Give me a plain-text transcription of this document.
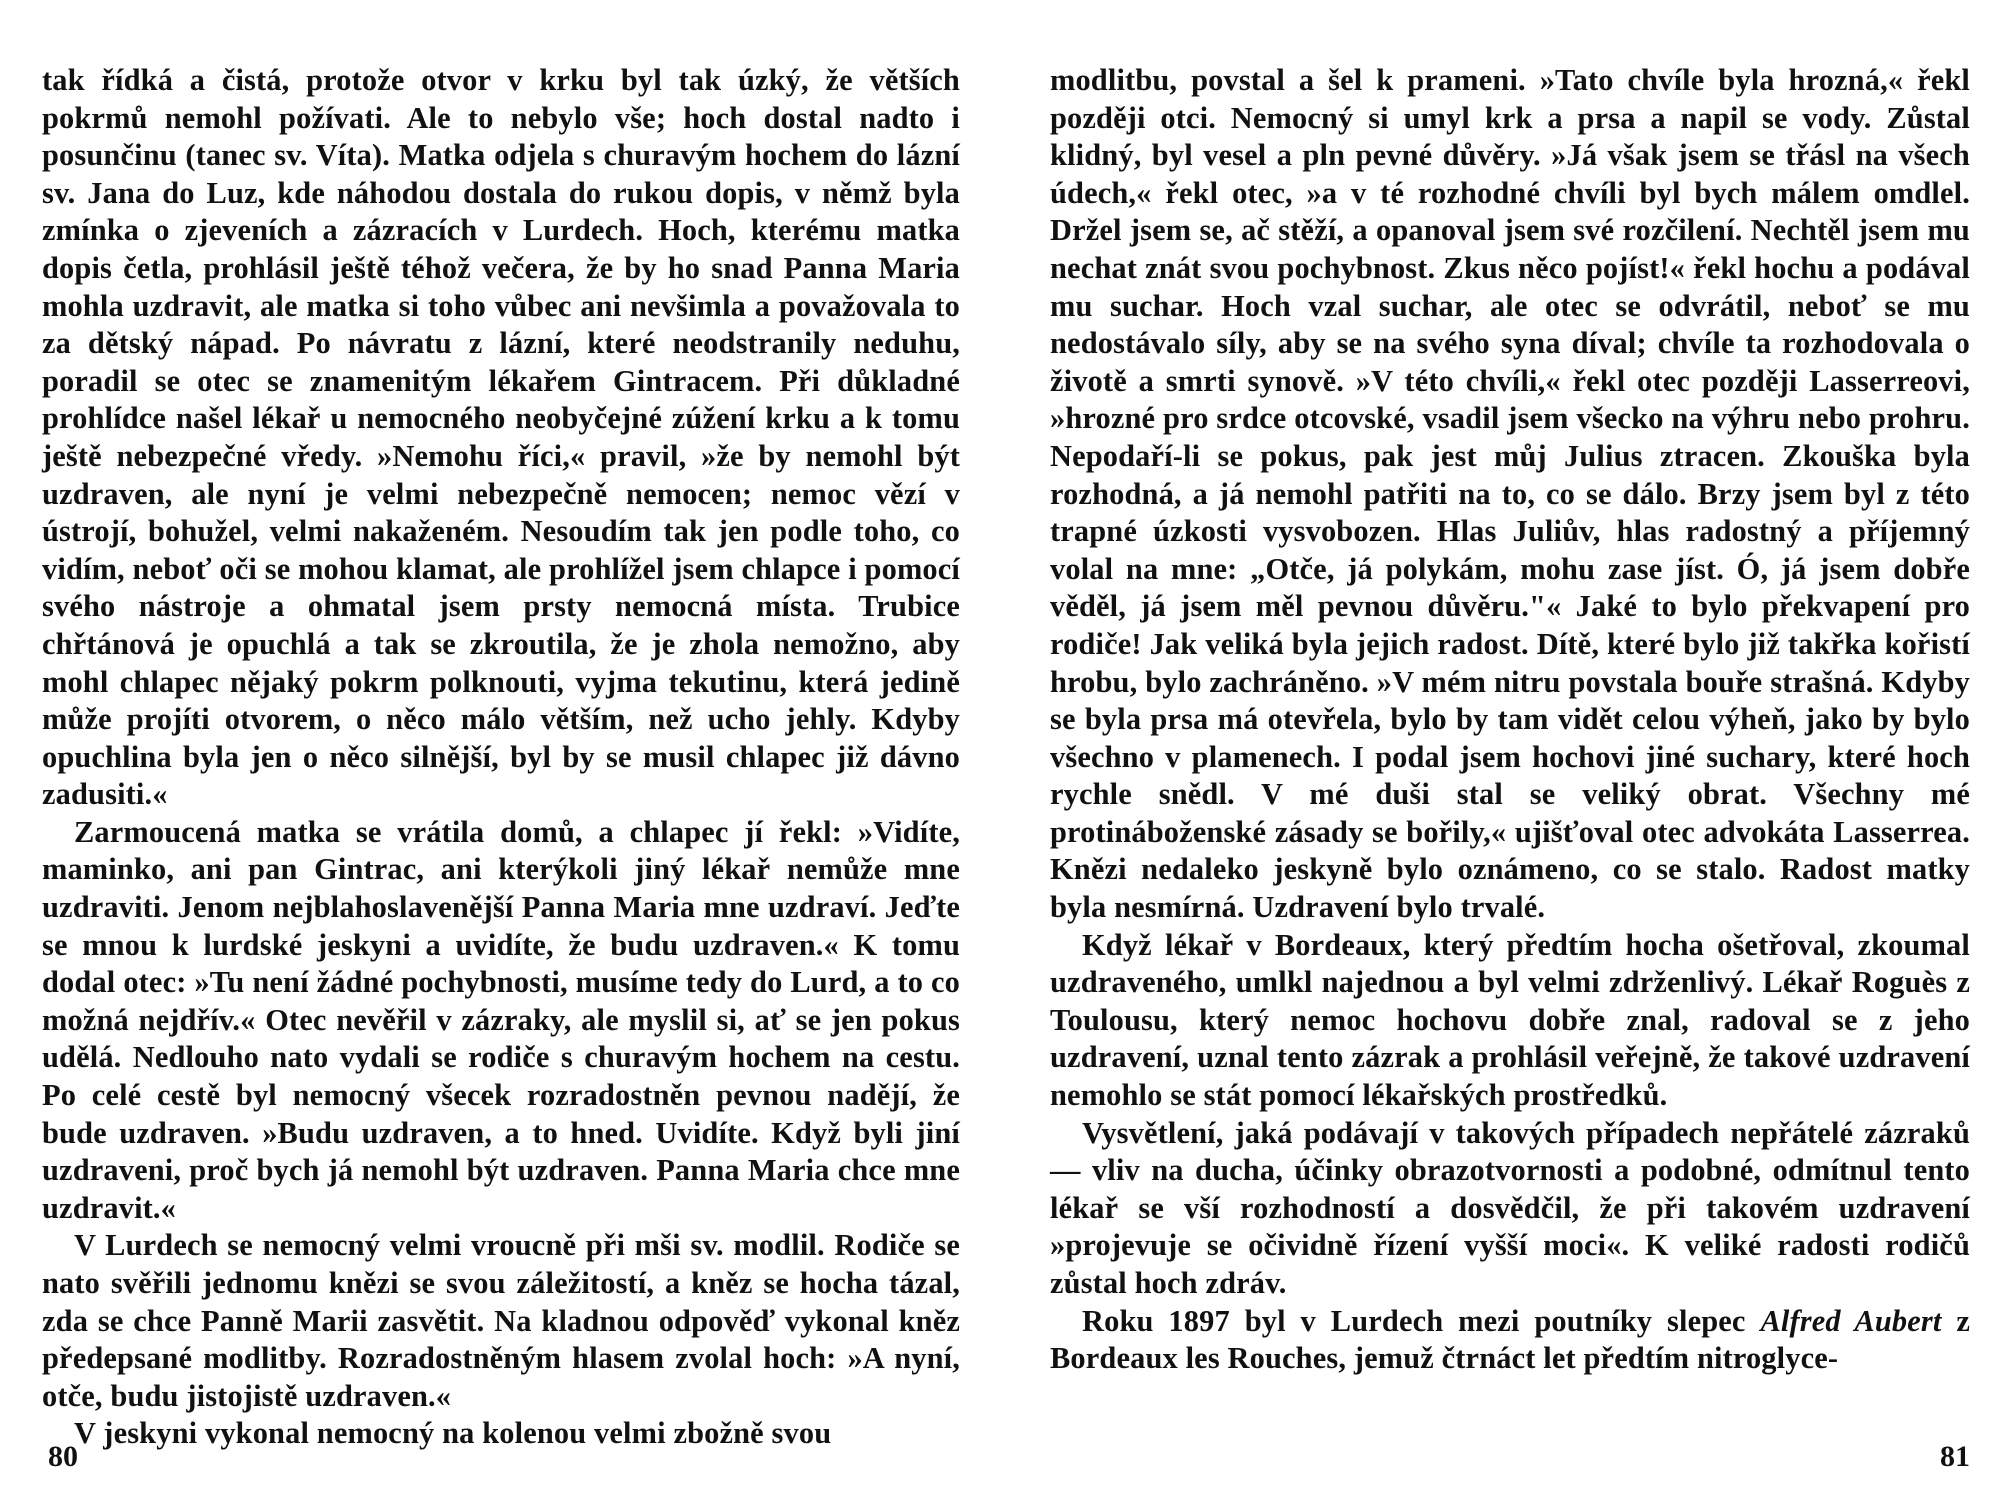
tak řídká a čistá, protože otvor v krku byl tak úzký, že větších pokrmů nemohl požívati. Ale to nebylo vše; hoch dostal nadto i posunčinu (tanec sv. Víta). Matka odjela s churavým hochem do lázní sv. Jana do Luz, kde náhodou dostala do rukou dopis, v němž byla zmínka o zjeveních a zázracích v Lurdech. Hoch, kterému matka dopis četla, prohlásil ještě téhož večera, že by ho snad Panna Maria mohla uzdravit, ale matka si toho vůbec ani nevšimla a považovala to za dětský nápad. Po návratu z lázní, které neodstranily neduhu, poradil se otec se znamenitým lékařem Gintracem. Při důkladné prohlídce našel lékař u nemocného neobyčejné zúžení krku a k tomu ještě nebezpečné vředy. »Nemohu říci,« pravil, »že by nemohl být uzdraven, ale nyní je velmi nebezpečně nemocen; nemoc vězí v ústrojí, bohužel, velmi nakaženém. Nesoudím tak jen podle toho, co vidím, neboť oči se mohou klamat, ale prohlížel jsem chlapce i pomocí svého nástroje a ohmatal jsem prsty nemocná místa. Trubice chřtánová je opuchlá a tak se zkroutila, že je zhola nemožno, aby mohl chlapec nějaký pokrm polknouti, vyjma tekutinu, která jedině může projíti otvorem, o něco málo větším, než ucho jehly. Kdyby opuchlina byla jen o něco silnější, byl by se musil chlapec již dávno zadusiti.«

Zarmoucená matka se vrátila domů, a chlapec jí řekl: »Vidíte, maminko, ani pan Gintrac, ani kterýkoli jiný lékař nemůže mne uzdraviti. Jenom nejblahoslavenější Panna Maria mne uzdraví. Jeďte se mnou k lurdské jeskyni a uvidíte, že budu uzdraven.« K tomu dodal otec: »Tu není žádné pochybnosti, musíme tedy do Lurd, a to co možná nejdřív.« Otec nevěřil v zázraky, ale myslil si, ať se jen pokus udělá. Nedlouho nato vydali se rodiče s churavým hochem na cestu. Po celé cestě byl nemocný všecek rozradostněn pevnou nadějí, že bude uzdraven. »Budu uzdraven, a to hned. Uvidíte. Když byli jiní uzdraveni, proč bych já nemohl být uzdraven. Panna Maria chce mne uzdravit.«

V Lurdech se nemocný velmi vroucně při mši sv. modlil. Rodiče se nato svěřili jednomu knězi se svou záležitostí, a kněz se hocha tázal, zda se chce Panně Marii zasvětit. Na kladnou odpověď vykonal kněz předepsané modlitby. Rozradostněným hlasem zvolal hoch: »A nyní, otče, budu jistojistě uzdraven.«

V jeskyni vykonal nemocný na kolenou velmi zbožně svou

80

modlitbu, povstal a šel k prameni. »Tato chvíle byla hrozná,« řekl později otci. Nemocný si umyl krk a prsa a napil se vody. Zůstal klidný, byl vesel a pln pevné důvěry. »Já však jsem se třásl na všech údech,« řekl otec, »a v té rozhodné chvíli byl bych málem omdlel. Držel jsem se, ač stěží, a opanoval jsem své rozčilení. Nechtěl jsem mu nechat znát svou pochybnost. Zkus něco pojíst!« řekl hochu a podával mu suchar. Hoch vzal suchar, ale otec se odvrátil, neboť se mu nedostávalo síly, aby se na svého syna díval; chvíle ta rozhodovala o životě a smrti synově. »V této chvíli,« řekl otec později Lasserreovi, »hrozné pro srdce otcovské, vsadil jsem všecko na výhru nebo prohru. Nepodaří-li se pokus, pak jest můj Julius ztracen. Zkouška byla rozhodná, a já nemohl patřiti na to, co se dálo. Brzy jsem byl z této trapné úzkosti vysvobozen. Hlas Juliův, hlas radostný a příjemný volal na mne: „Otče, já polykám, mohu zase jíst. Ó, já jsem dobře věděl, já jsem měl pevnou důvěru."« Jaké to bylo překvapení pro rodiče! Jak veliká byla jejich radost. Dítě, které bylo již takřka kořistí hrobu, bylo zachráněno. »V mém nitru povstala bouře strašná. Kdyby se byla prsa má otevřela, bylo by tam vidět celou výheň, jako by bylo všechno v plamenech. I podal jsem hochovi jiné suchary, které hoch rychle snědl. V mé duši stal se veliký obrat. Všechny mé protináboženské zásady se bořily,« ujišťoval otec advokáta Lasserrea. Knězi nedaleko jeskyně bylo oznámeno, co se stalo. Radost matky byla nesmírná. Uzdravení bylo trvalé.

Když lékař v Bordeaux, který předtím hocha ošetřoval, zkoumal uzdraveného, umlkl najednou a byl velmi zdrženlivý. Lékař Roguès z Toulousu, který nemoc hochovu dobře znal, radoval se z jeho uzdravení, uznal tento zázrak a prohlásil veřejně, že takové uzdravení nemohlo se stát pomocí lékařských prostředků.

Vysvětlení, jaká podávají v takových případech nepřátelé zázraků — vliv na ducha, účinky obrazotvornosti a podobné, odmítnul tento lékař se vší rozhodností a dosvědčil, že při takovém uzdravení »projevuje se očividně řízení vyšší moci«. K veliké radosti rodičů zůstal hoch zdráv.

Roku 1897 byl v Lurdech mezi poutníky slepec Alfred Aubert z Bordeaux les Rouches, jemuž čtrnáct let předtím nitroglyce-

81
